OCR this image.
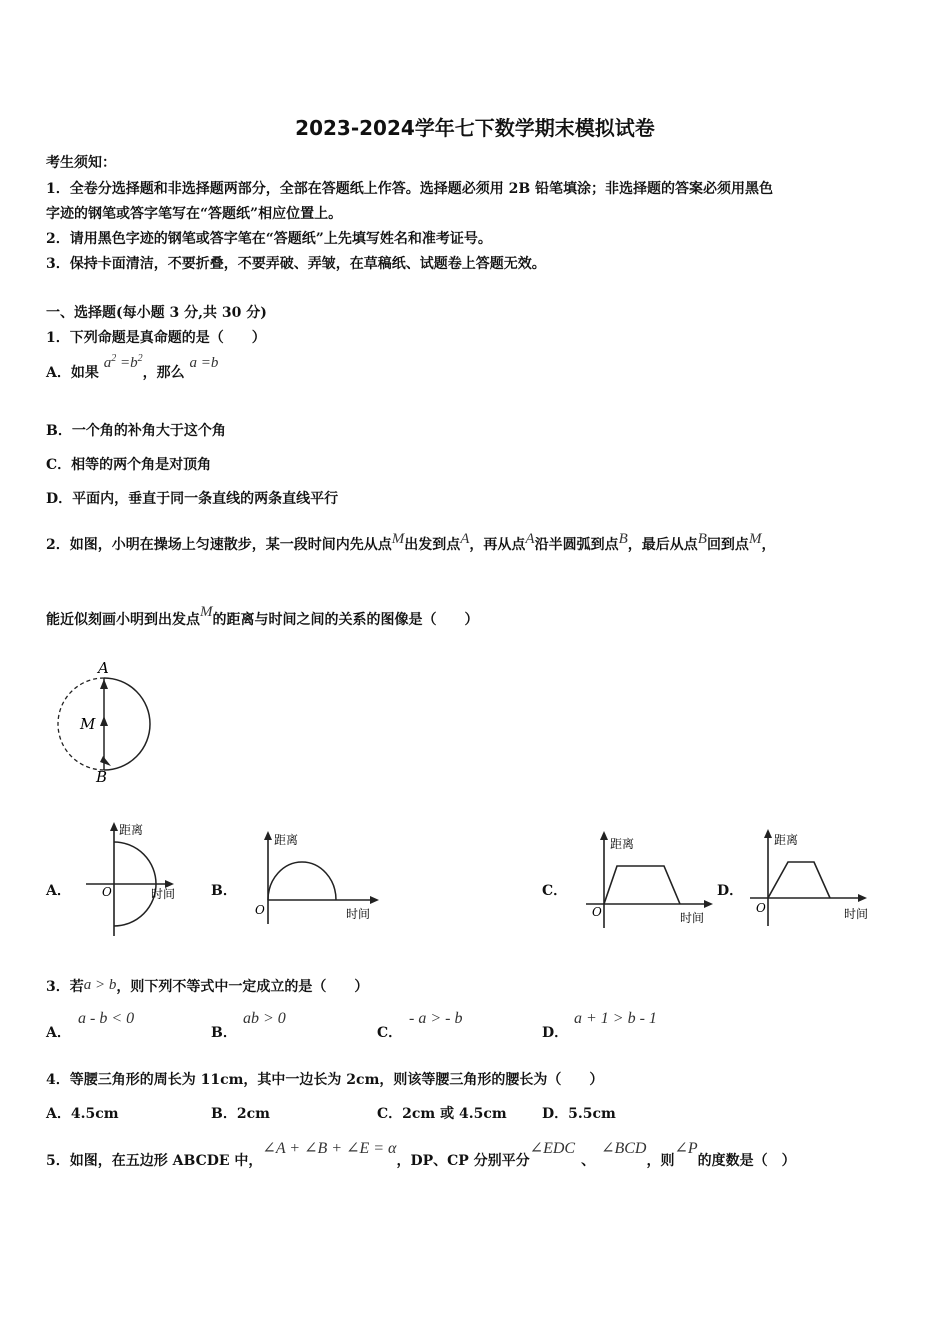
2023-2024学年七下数学期末模拟试卷
考生须知：
1．全卷分选择题和非选择题两部分，全部在答题纸上作答。选择题必须用 2B 铅笔填涂；非选择题的答案必须用黑色
字迹的钢笔或答字笔写在“答题纸”相应位置上。
2．请用黑色字迹的钢笔或答字笔在“答题纸”上先填写姓名和准考证号。
3．保持卡面清洁，不要折叠，不要弄破、弄皱，在草稿纸、试题卷上答题无效。
一、选择题(每小题 3 分,共 30 分)
1．下列命题是真命题的是（　　）
A．如果 $a^2 =b^2$，那么 a =b
B．一个角的补角大于这个角
C．相等的两个角是对顶角
D．平面内，垂直于同一条直线的两条直线平行
2．如图，小明在操场上匀速散步，某一段时间内先从点M出发到点A，再从点A沿半圆弧到点B，最后从点B回到点M，
能近似刻画小明到出发点M的距离与时间之间的关系的图像是（　　）
A
M
B
A．
距离
时间
O	B．
距离
时间
O
C．
距离
时间
O
D．
距离
时间
O
3．若a > b，则下列不等式中一定成立的是（　　）
A．
a - b < 0
B．
ab > 0
C．
- a > - b
D．
a + 1 > b - 1
4．等腰三角形的周长为 11cm，其中一边长为 2cm，则该等腰三角形的腰长为（　　）
A．4.5cm	B．2cm	C．2cm 或 4.5cm	D．5.5cm
5．如图，在五边形 ABCDE 中，∠A + ∠B + ∠E = α，DP、CP 分别平分∠EDC、∠BCD，则∠P的度数是（　）
